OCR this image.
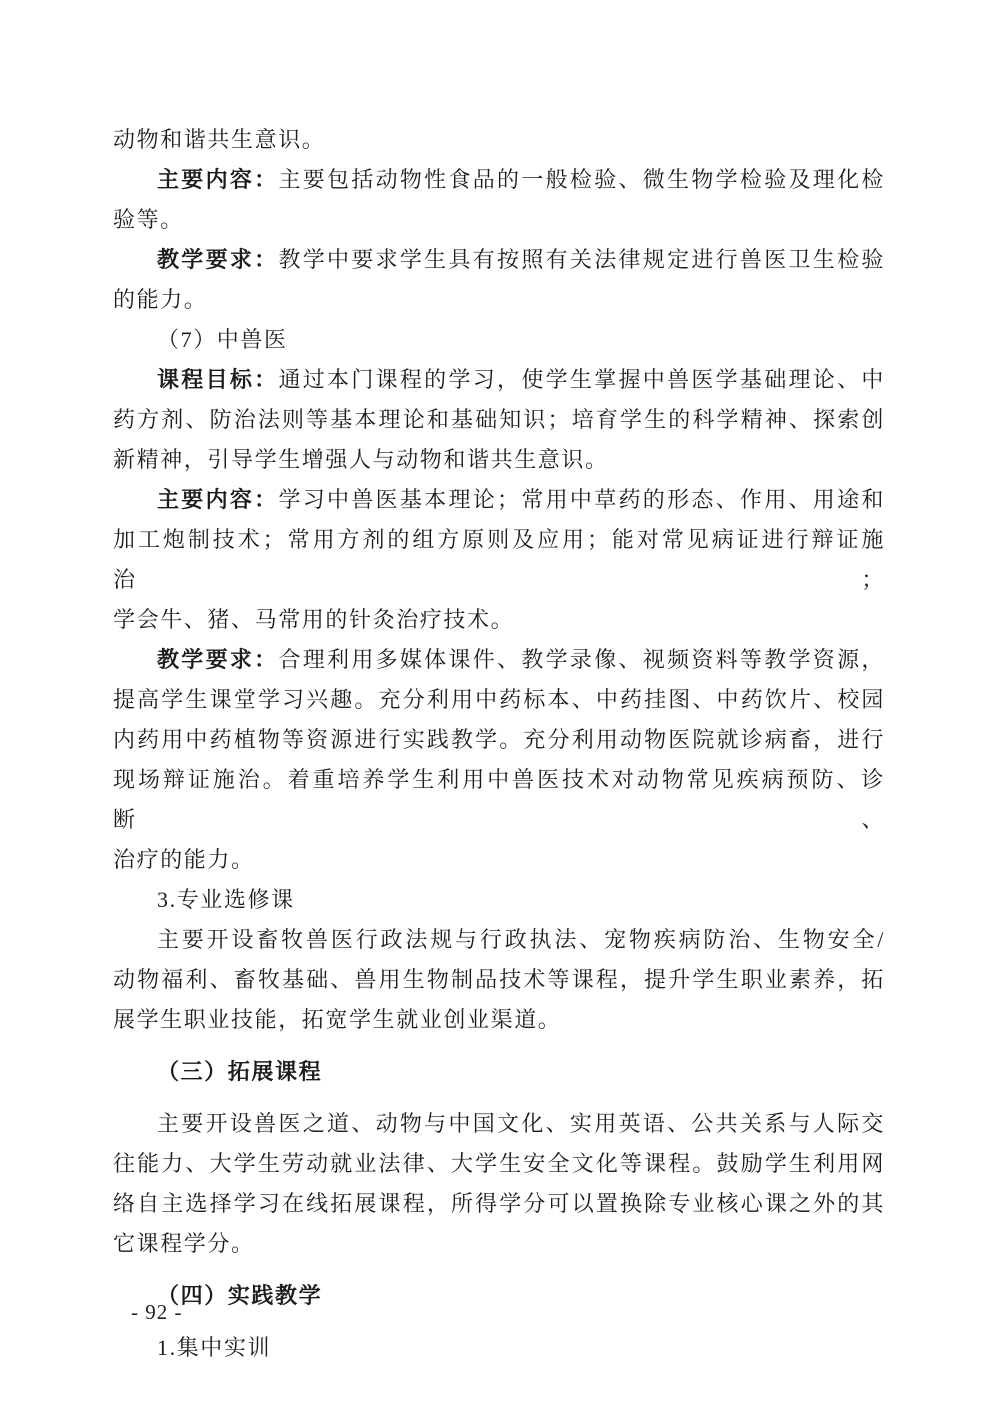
动物和谐共生意识。
主要内容：主要包括动物性食品的一般检验、微生物学检验及理化检
验等。
教学要求：教学中要求学生具有按照有关法律规定进行兽医卫生检验
的能力。
（7）中兽医
课程目标：通过本门课程的学习，使学生掌握中兽医学基础理论、中
药方剂、防治法则等基本理论和基础知识；培育学生的科学精神、探索创
新精神，引导学生增强人与动物和谐共生意识。
主要内容：学习中兽医基本理论；常用中草药的形态、作用、用途和
加工炮制技术；常用方剂的组方原则及应用；能对常见病证进行辩证施治；
学会牛、猪、马常用的针灸治疗技术。
教学要求：合理利用多媒体课件、教学录像、视频资料等教学资源，
提高学生课堂学习兴趣。充分利用中药标本、中药挂图、中药饮片、校园
内药用中药植物等资源进行实践教学。充分利用动物医院就诊病畜，进行
现场辩证施治。着重培养学生利用中兽医技术对动物常见疾病预防、诊断、
治疗的能力。
3.专业选修课
主要开设畜牧兽医行政法规与行政执法、宠物疾病防治、生物安全/
动物福利、畜牧基础、兽用生物制品技术等课程，提升学生职业素养，拓
展学生职业技能，拓宽学生就业创业渠道。
（三）拓展课程
主要开设兽医之道、动物与中国文化、实用英语、公共关系与人际交
往能力、大学生劳动就业法律、大学生安全文化等课程。鼓励学生利用网
络自主选择学习在线拓展课程，所得学分可以置换除专业核心课之外的其
它课程学分。
（四）实践教学
1.集中实训
- 92 -
